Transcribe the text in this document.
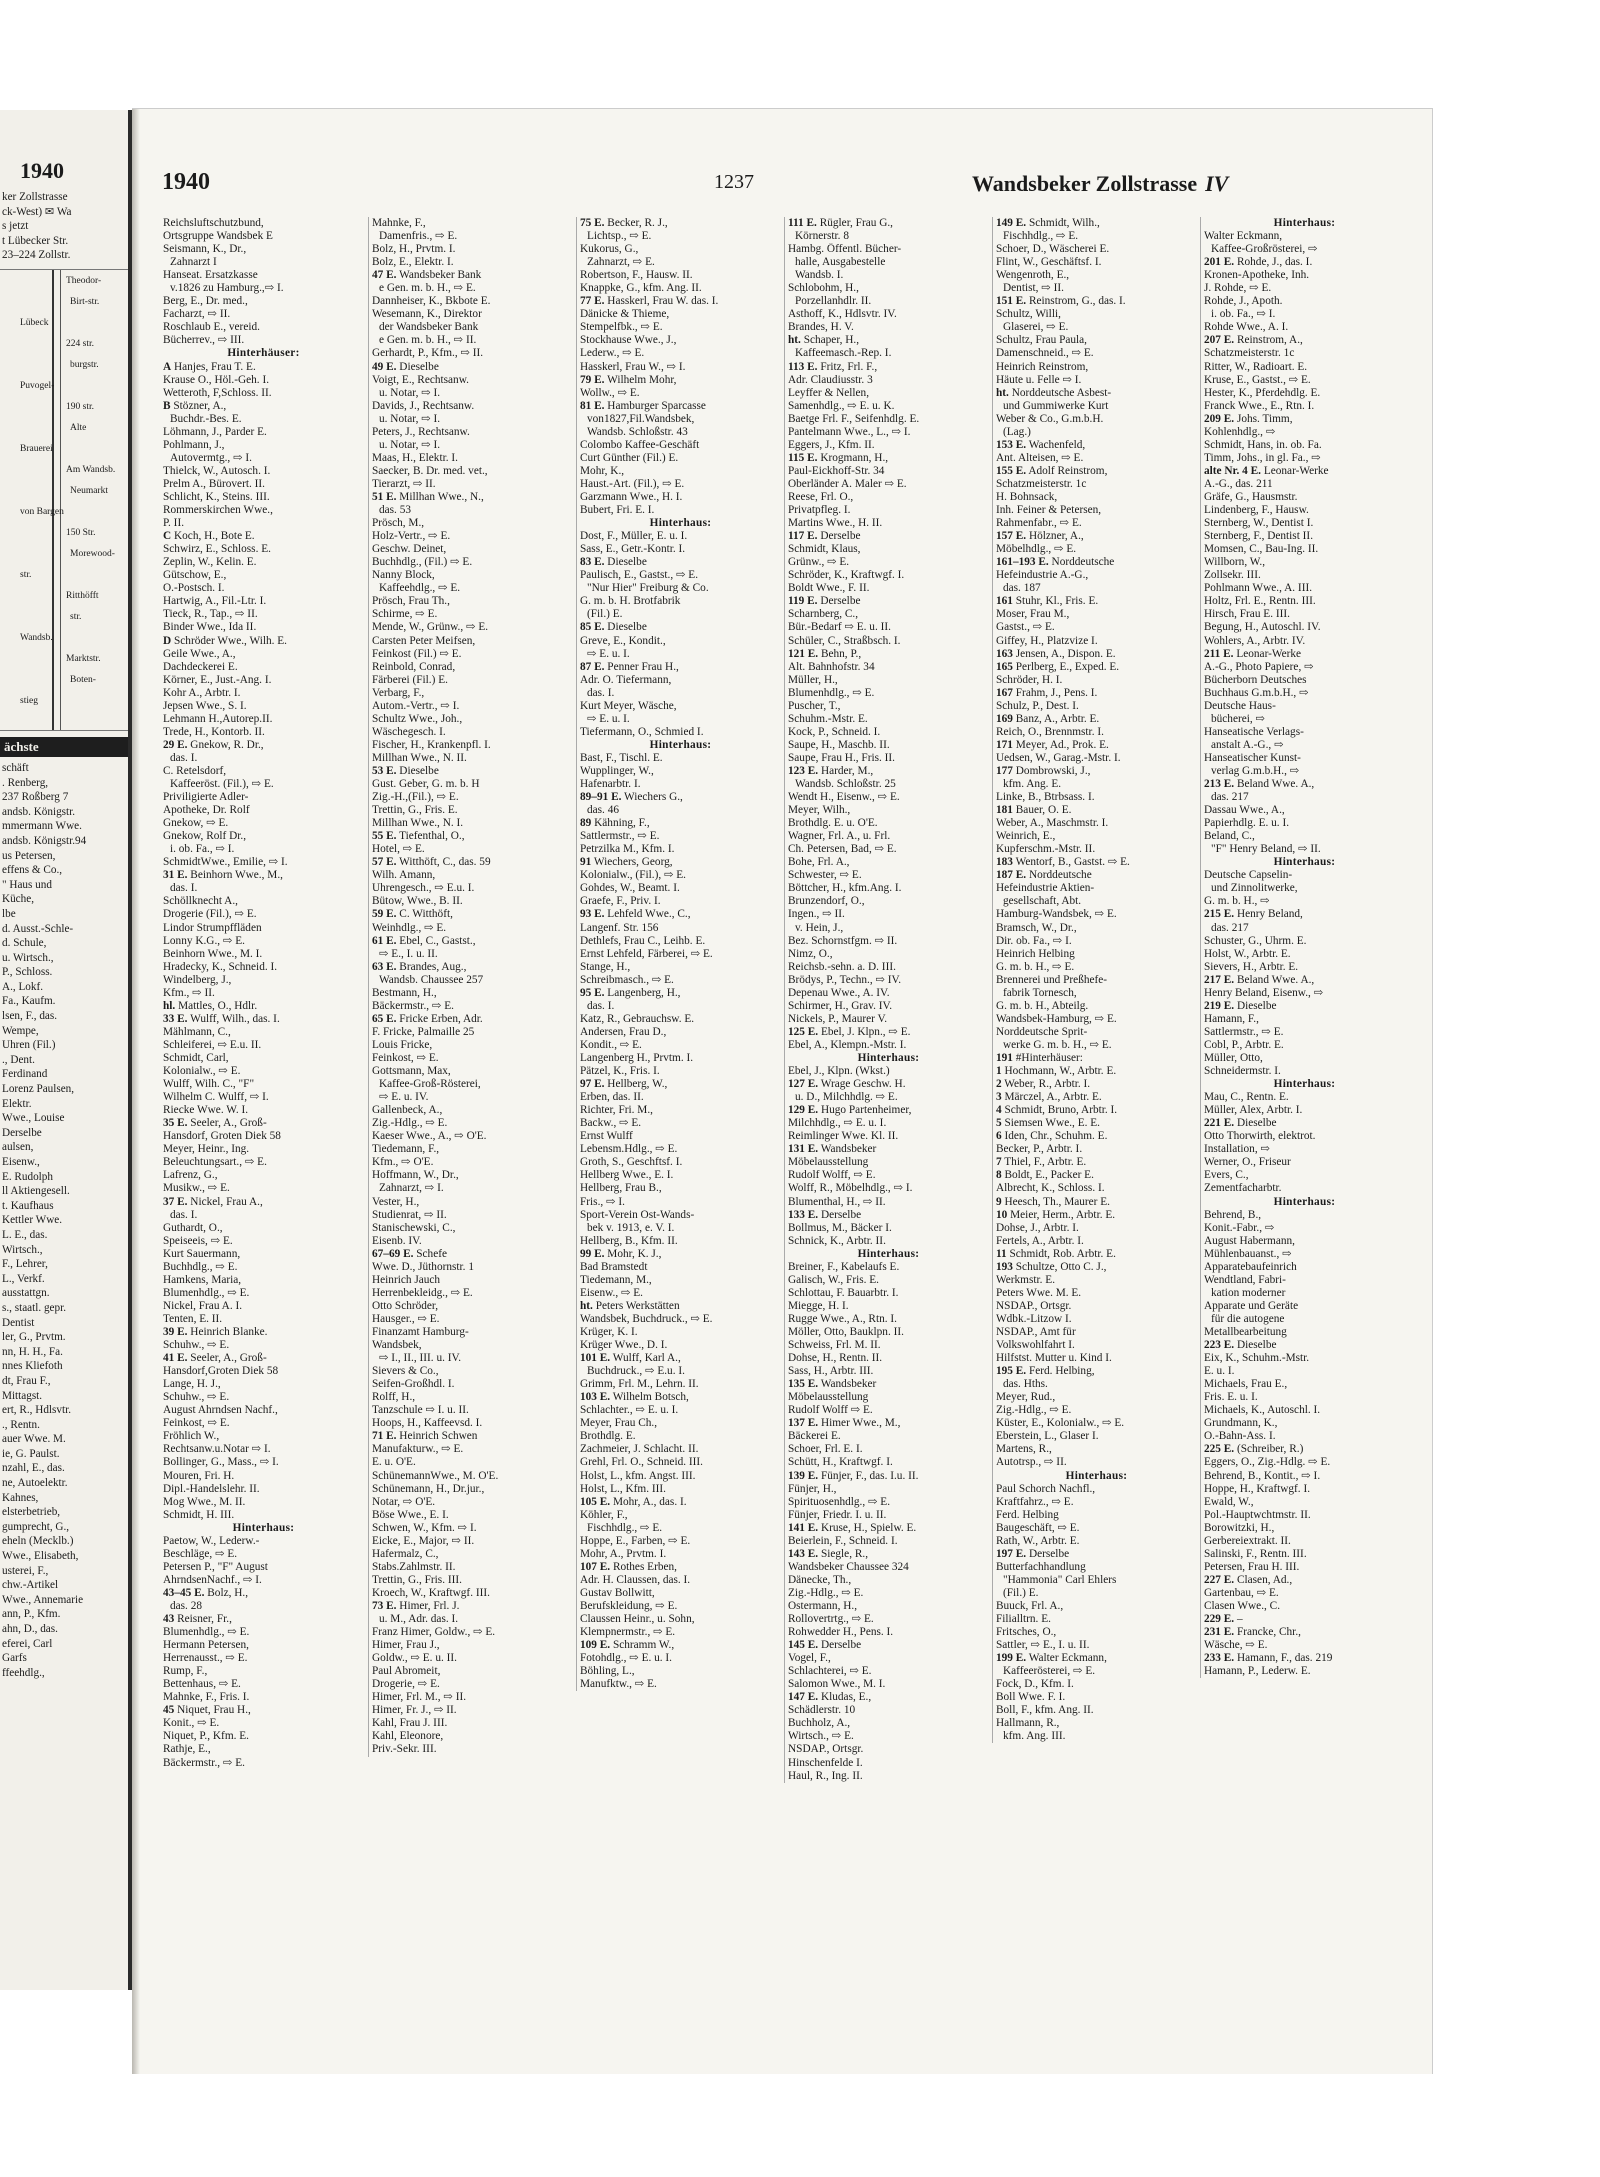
1940
ker Zollstrasse
ck-West) ✉ Wa
s jetzt
t Lübecker Str.
23–224 Zollstr.
Theodor-
Birt-str.
Lübeck
224 str.
burgstr.
Puvogel-
190 str.
Alte
Brauerei
Am Wandsb.
Neumarkt
von Bargen
150 Str.
Morewood-
str.
Ritthöfft
str.
Wandsb.
Marktstr.
Boten-
stieg
ächste
schäft
. Renberg,
237 Roßberg 7
andsb. Königstr.
mmermann Wwe.
andsb. Königstr.94
us Petersen,
effens & Co.,
" Haus und
Küche,
lbe
d. Ausst.-Schle-
d. Schule,
u. Wirtsch.,
P., Schloss.
A., Lokf.
Fa., Kaufm.
lsen, F., das.
Wempe,
Uhren (Fil.)
., Dent.
Ferdinand
Lorenz Paulsen,
Elektr.
Wwe., Louise
Derselbe
aulsen,
Eisenw.,
E. Rudolph
ll Aktiengesell.
t. Kaufhaus
Kettler Wwe.
L. E., das.
Wirtsch.,
F., Lehrer,
L., Verkf.
ausstattgn.
s., staatl. gepr.
Dentist
ler, G., Prvtm.
nn, H. H., Fa.
nnes Kliefoth
dt, Frau F.,
Mittagst.
ert, R., Hdlsvtr.
., Rentn.
auer Wwe. M.
ie, G. Paulst.
nzahl, E., das.
ne, Autoelektr.
Kahnes,
elsterbetrieb,
gumprecht, G.,
eheln (Mecklb.)
Wwe., Elisabeth,
usterei, F.,
chw.-Artikel
Wwe., Annemarie
ann, P., Kfm.
ahn, D., das.
eferei, Carl
Garfs
ffeehdlg.,
1940	1237	Wandsbeker Zollstrasse IV
Reichsluftschutzbund,
Ortsgruppe Wandsbek E
Seismann, K., Dr.,
Zahnarzt I
Hanseat. Ersatzkasse
v.1826 zu Hamburg.,⇨ I.
Berg, E., Dr. med.,
Facharzt, ⇨ II.
Roschlaub E., vereid.
Bücherrev., ⇨ III.
Hinterhäuser:
A Hanjes, Frau T. E.
Krause O., Höl.-Geh. I.
Wetteroth, F,Schloss. II.
B Stözner, A.,
Buchdr.-Bes. E.
Löhmann, J., Parder E.
Pohlmann, J.,
Autovermtg., ⇨ I.
Thielck, W., Autosch. I.
Prelm A., Bürovert. II.
Schlicht, K., Steins. III.
Rommerskirchen Wwe.,
P. II.
C Koch, H., Bote E.
Schwirz, E., Schloss. E.
Zeplin, W., Kelin. E.
Gütschow, E.,
O.-Postsch. I.
Hartwig, A., Fil.-Ltr. I.
Tieck, R., Tap., ⇨ II.
Binder Wwe., Ida II.
D Schröder Wwe., Wilh. E.
Geile Wwe., A.,
Dachdeckerei E.
Körner, E., Just.-Ang. I.
Kohr A., Arbtr. I.
Jepsen Wwe., S. I.
Lehmann H.,Autorep.II.
Trede, H., Kontorb. II.
29 E. Gnekow, R. Dr.,
das. I.
C. Retelsdorf,
Kaffeeröst. (Fil.), ⇨ E.
Priviligierte Adler-
Apotheke, Dr. Rolf
Gnekow, ⇨ E.
Gnekow, Rolf Dr.,
i. ob. Fa., ⇨ I.
SchmidtWwe., Emilie, ⇨ I.
31 E. Beinhorn Wwe., M.,
das. I.
Schöllknecht A.,
Drogerie (Fil.), ⇨ E.
Lindor Strumpffläden
Lonny K.G., ⇨ E.
Beinhorn Wwe., M. I.
Hradecky, K., Schneid. I.
Windelberg, J.,
Kfm., ⇨ II.
hl. Mattles, O., Hdlr.
33 E. Wulff, Wilh., das. I.
Mählmann, C.,
Schleiferei, ⇨ E.u. II.
Schmidt, Carl,
Kolonialw., ⇨ E.
Wulff, Wilh. C., "F"
Wilhelm C. Wulff, ⇨ I.
Riecke Wwe. W. I.
35 E. Seeler, A., Groß-
Hansdorf, Groten Diek 58
Meyer, Heinr., Ing.
Beleuchtungsart., ⇨ E.
Lafrenz, G.,
Musikw., ⇨ E.
37 E. Nickel, Frau A.,
das. I.
Guthardt, O.,
Speiseeis, ⇨ E.
Kurt Sauermann,
Buchhdlg., ⇨ E.
Hamkens, Maria,
Blumenhdlg., ⇨ E.
Nickel, Frau A. I.
Tenten, E. II.
39 E. Heinrich Blanke.
Schuhw., ⇨ E.
41 E. Seeler, A., Groß-
Hansdorf,Groten Diek 58
Lange, H. J.,
Schuhw., ⇨ E.
August Ahrndsen Nachf.,
Feinkost, ⇨ E.
Fröhlich W.,
Rechtsanw.u.Notar ⇨ I.
Bollinger, G., Mass., ⇨ I.
Mouren, Fri. H.
Dipl.-Handelslehr. II.
Mog Wwe., M. II.
Schmidt, H. III.
Hinterhaus:
Paetow, W., Lederw.-
Beschläge, ⇨ E.
Petersen P., "F" August
AhrndsenNachf., ⇨ I.
43–45 E. Bolz, H.,
das. 28
43 Reisner, Fr.,
Blumenhdlg., ⇨ E.
Hermann Petersen,
Herrenausst., ⇨ E.
Rump, F.,
Bettenhaus, ⇨ E.
Mahnke, F., Fris. I.
45 Niquet, Frau H.,
Konit., ⇨ E.
Niquet, P., Kfm. E.
Rathje, E.,
Bäckermstr., ⇨ E.
Mahnke, F.,
Damenfris., ⇨ E.
Bolz, H., Prvtm. I.
Bolz, E., Elektr. I.
47 E. Wandsbeker Bank
e Gen. m. b. H., ⇨ E.
Dannheiser, K., Bkbote E.
Wesemann, K., Direktor
der Wandsbeker Bank
e Gen. m. b. H., ⇨ II.
Gerhardt, P., Kfm., ⇨ II.
49 E. Dieselbe
Voigt, E., Rechtsanw.
u. Notar, ⇨ I.
Davids, J., Rechtsanw.
u. Notar, ⇨ I.
Peters, J., Rechtsanw.
u. Notar, ⇨ I.
Maas, H., Elektr. I.
Saecker, B. Dr. med. vet.,
Tierarzt, ⇨ II.
51 E. Millhan Wwe., N.,
das. 53
Prösch, M.,
Holz-Vertr., ⇨ E.
Geschw. Deinet,
Buchhdlg., (Fil.) ⇨ E.
Nanny Block,
Kaffeehdlg., ⇨ E.
Prösch, Frau Th.,
Schirme, ⇨ E.
Mende, W., Grünw., ⇨ E.
Carsten Peter Meifsen,
Feinkost (Fil.) ⇨ E.
Reinbold, Conrad,
Färberei (Fil.) E.
Verbarg, F.,
Autom.-Vertr., ⇨ I.
Schultz Wwe., Joh.,
Wäschegesch. I.
Fischer, H., Krankenpfl. I.
Millhan Wwe., N. II.
53 E. Dieselbe
Gust. Geber, G. m. b. H
Zig.-H.,(Fil.), ⇨ E.
Trettin, G., Fris. E.
Millhan Wwe., N. I.
55 E. Tiefenthal, O.,
Hotel, ⇨ E.
57 E. Witthöft, C., das. 59
Wilh. Amann,
Uhrengesch., ⇨ E.u. I.
Bütow, Wwe., B. II.
59 E. C. Witthöft,
Weinhdlg., ⇨ E.
61 E. Ebel, C., Gastst.,
⇨ E., I. u. II.
63 E. Brandes, Aug.,
Wandsb. Chaussee 257
Bestmann, H.,
Bäckermstr., ⇨ E.
65 E. Fricke Erben, Adr.
F. Fricke, Palmaille 25
Louis Fricke,
Feinkost, ⇨ E.
Gottsmann, Max,
Kaffee-Groß-Rösterei,
⇨ E. u. IV.
Gallenbeck, A.,
Zig.-Hdlg., ⇨ E.
Kaeser Wwe., A., ⇨ O'E.
Tiedemann, F.,
Kfm., ⇨ O'E.
Hoffmann, W., Dr.,
Zahnarzt, ⇨ I.
Vester, H.,
Studienrat, ⇨ II.
Stanischewski, C.,
Eisenb. IV.
67–69 E. Schefe
Wwe. D., Jüthornstr. 1
Heinrich Jauch
Herrenbekleidg., ⇨ E.
Otto Schröder,
Hausger., ⇨ E.
Finanzamt Hamburg-
Wandsbek,
⇨ I., II., III. u. IV.
Sievers & Co.,
Seifen-Großhdl. I.
Rolff, H.,
Tanzschule ⇨ I. u. II.
Hoops, H., Kaffeevsd. I.
71 E. Heinrich Schwen
Manufakturw., ⇨ E.
E. u. O'E.
SchünemannWwe., M. O'E.
Schünemann, H., Dr.jur.,
Notar, ⇨ O'E.
Böse Wwe., E. I.
Schwen, W., Kfm. ⇨ I.
Eicke, E., Major, ⇨ II.
Hafermalz, C.,
Stabs.Zahlmstr. II.
Trettin, G., Fris. III.
Kroech, W., Kraftwgf. III.
73 E. Himer, Frl. J.
u. M., Adr. das. I.
Franz Himer, Goldw., ⇨ E.
Himer, Frau J.,
Goldw., ⇨ E. u. II.
Paul Abromeit,
Drogerie, ⇨ E.
Himer, Frl. M., ⇨ II.
Himer, Fr. J., ⇨ II.
Kahl, Frau J. III.
Kahl, Eleonore,
Priv.-Sekr. III.
75 E. Becker, R. J.,
Lichtsp., ⇨ E.
Kukorus, G.,
Zahnarzt, ⇨ E.
Robertson, F., Hausw. II.
Knappke, G., kfm. Ang. II.
77 E. Hasskerl, Frau W. das. I.
Dänicke & Thieme,
Stempelfbk., ⇨ E.
Stockhause Wwe., J.,
Lederw., ⇨ E.
Hasskerl, Frau W., ⇨ I.
79 E. Wilhelm Mohr,
Wollw., ⇨ E.
81 E. Hamburger Sparcasse
von1827,Fil.Wandsbek,
Wandsb. Schloßstr. 43
Colombo Kaffee-Geschäft
Curt Günther (Fil.) E.
Mohr, K.,
Haust.-Art. (Fil.), ⇨ E.
Garzmann Wwe., H. I.
Bubert, Fri. E. I.
Hinterhaus:
Dost, F., Müller, E. u. I.
Sass, E., Getr.-Kontr. I.
83 E. Dieselbe
Paulisch, E., Gastst., ⇨ E.
"Nur Hier" Freiburg & Co.
G. m. b. H. Brotfabrik
(Fil.) E.
85 E. Dieselbe
Greve, E., Kondit.,
⇨ E. u. I.
87 E. Penner Frau H.,
Adr. O. Tiefermann,
das. I.
Kurt Meyer, Wäsche,
⇨ E. u. I.
Tiefermann, O., Schmied I.
Hinterhaus:
Bast, F., Tischl. E.
Wupplinger, W.,
Hafenarbtr. I.
89–91 E. Wiechers G.,
das. 46
89 Kähning, F.,
Sattlermstr., ⇨ E.
Petrzilka M., Kfm. I.
91 Wiechers, Georg,
Kolonialw., (Fil.), ⇨ E.
Gohdes, W., Beamt. I.
Graefe, F., Priv. I.
93 E. Lehfeld Wwe., C.,
Langenf. Str. 156
Dethlefs, Frau C., Leihb. E.
Ernst Lehfeld, Färberei, ⇨ E.
Stange, H.,
Schreibmasch., ⇨ E.
95 E. Langenberg, H.,
das. I.
Katz, R., Gebrauchsw. E.
Andersen, Frau D.,
Kondit., ⇨ E.
Langenberg H., Prvtm. I.
Pätzel, K., Fris. I.
97 E. Hellberg, W.,
Erben, das. II.
Richter, Fri. M.,
Backw., ⇨ E.
Ernst Wulff
Lebensm.Hdlg., ⇨ E.
Groth, S., Geschftsf. I.
Hellberg Wwe., E. I.
Hellberg, Frau B.,
Fris., ⇨ I.
Sport-Verein Ost-Wands-
bek v. 1913, e. V. I.
Hellberg, B., Kfm. II.
99 E. Mohr, K. J.,
Bad Bramstedt
Tiedemann, M.,
Eisenw., ⇨ E.
ht. Peters Werkstätten
Wandsbek, Buchdruck., ⇨ E.
Krüger, K. I.
Krüger Wwe., D. I.
101 E. Wulff, Karl A.,
Buchdruck., ⇨ E.u. I.
Grimm, Frl. M., Lehrn. II.
103 E. Wilhelm Botsch,
Schlachter., ⇨ E. u. I.
Meyer, Frau Ch.,
Brothdlg. E.
Zachmeier, J. Schlacht. II.
Grehl, Frl. O., Schneid. III.
Holst, L., kfm. Angst. III.
Holst, L., Kfm. III.
105 E. Mohr, A., das. I.
Köhler, F.,
Fischhdlg., ⇨ E.
Hoppe, E., Farben, ⇨ E.
Mohr, A., Prvtm. I.
107 E. Rothes Erben,
Adr. H. Claussen, das. I.
Gustav Bollwitt,
Berufskleidung, ⇨ E.
Claussen Heinr., u. Sohn,
Klempnermstr., ⇨ E.
109 E. Schramm W.,
Fotohdlg., ⇨ E. u. I.
Böhling, L.,
Manufktw., ⇨ E.
111 E. Rügler, Frau G.,
Körnerstr. 8
Hambg. Öffentl. Bücher-
halle, Ausgabestelle
Wandsb. I.
Schlobohm, H.,
Porzellanhdlr. II.
Asthoff, K., Hdlsvtr. IV.
Brandes, H. V.
ht. Schaper, H.,
Kaffeemasch.-Rep. I.
113 E. Fritz, Frl. F.,
Adr. Claudiusstr. 3
Leyffer & Nellen,
Samenhdlg., ⇨ E. u. K.
Baetge Frl. F., Seifenhdlg. E.
Pantelmann Wwe., L., ⇨ I.
Eggers, J., Kfm. II.
115 E. Krogmann, H.,
Paul-Eickhoff-Str. 34
Oberländer A. Maler ⇨ E.
Reese, Frl. O.,
Privatpfleg. I.
Martins Wwe., H. II.
117 E. Derselbe
Schmidt, Klaus,
Grünw., ⇨ E.
Schröder, K., Kraftwgf. I.
Boldt Wwe., F. II.
119 E. Derselbe
Scharnberg, C.,
Bür.-Bedarf ⇨ E. u. II.
Schüler, C., Straßbsch. I.
121 E. Behn, P.,
Alt. Bahnhofstr. 34
Müller, H.,
Blumenhdlg., ⇨ E.
Puscher, T.,
Schuhm.-Mstr. E.
Kock, P., Schneid. I.
Saupe, H., Maschb. II.
Saupe, Frau H., Fris. II.
123 E. Harder, M.,
Wandsb. Schloßstr. 25
Wendt H., Eisenw., ⇨ E.
Meyer, Wilh.,
Brothdlg. E. u. O'E.
Wagner, Frl. A., u. Frl.
Ch. Petersen, Bad, ⇨ E.
Bohe, Frl. A.,
Schwester, ⇨ E.
Böttcher, H., kfm.Ang. I.
Brunzendorf, O.,
Ingen., ⇨ II.
v. Hein, J.,
Bez. Schornstfgm. ⇨ II.
Nimz, O.,
Reichsb.-sehn. a. D. III.
Brödys, P., Techn., ⇨ IV.
Depenau Wwe., A. IV.
Schirmer, H., Grav. IV.
Nickels, P., Maurer V.
125 E. Ebel, J. Klpn., ⇨ E.
Ebel, A., Klempn.-Mstr. I.
Hinterhaus:
Ebel, J., Klpn. (Wkst.)
127 E. Wrage Geschw. H.
u. D., Milchhdlg. ⇨ E.
129 E. Hugo Partenheimer,
Milchhdlg., ⇨ E. u. I.
Reimlinger Wwe. Kl. II.
131 E. Wandsbeker
Möbelausstellung
Rudolf Wolff, ⇨ E.
Wolff, R., Möbelhdlg., ⇨ I.
Blumenthal, H., ⇨ II.
133 E. Derselbe
Bollmus, M., Bäcker I.
Schnick, K., Arbtr. II.
Hinterhaus:
Breiner, F., Kabelaufs E.
Galisch, W., Fris. E.
Schlottau, F. Bauarbtr. I.
Miegge, H. I.
Rugge Wwe., A., Rtn. I.
Möller, Otto, Bauklpn. II.
Schweiss, Frl. M. II.
Dohse, H., Rentn. II.
Sass, H., Arbtr. III.
135 E. Wandsbeker
Möbelausstellung
Rudolf Wolff ⇨ E.
137 E. Himer Wwe., M.,
Bäckerei E.
Schoer, Frl. E. I.
Schütt, H., Kraftwgf. I.
139 E. Fünjer, F., das. I.u. II.
Fünjer, H.,
Spirituosenhdlg., ⇨ E.
Fünjer, Friedr. I. u. II.
141 E. Kruse, H., Spielw. E.
Beierlein, F., Schneid. I.
143 E. Siegle, R.,
Wandsbeker Chaussee 324
Dänecke, Th.,
Zig.-Hdlg., ⇨ E.
Ostermann, H.,
Rollovertrtg., ⇨ E.
Rohwedder H., Pens. I.
145 E. Derselbe
Vogel, F.,
Schlachterei, ⇨ E.
Salomon Wwe., M. I.
147 E. Kludas, E.,
Schädlerstr. 10
Buchholz, A.,
Wirtsch., ⇨ E.
NSDAP., Ortsgr.
Hinschenfelde I.
Haul, R., Ing. II.
149 E. Schmidt, Wilh.,
Fischhdlg., ⇨ E.
Schoer, D., Wäscherei E.
Flint, W., Geschäftsf. I.
Wengenroth, E.,
Dentist, ⇨ II.
151 E. Reinstrom, G., das. I.
Schultz, Willi,
Glaserei, ⇨ E.
Schultz, Frau Paula,
Damenschneid., ⇨ E.
Heinrich Reinstrom,
Häute u. Felle ⇨ I.
ht. Norddeutsche Asbest-
und Gummiwerke Kurt
Weber & Co., G.m.b.H.
(Lag.)
153 E. Wachenfeld,
Ant. Alteisen, ⇨ E.
155 E. Adolf Reinstrom,
Schatzmeisterstr. 1c
H. Bohnsack,
Inh. Feiner & Petersen,
Rahmenfabr., ⇨ E.
157 E. Hölzner, A.,
Möbelhdlg., ⇨ E.
161–193 E. Norddeutsche
Hefeindustrie A.-G.,
das. 187
161 Stuhr, Kl., Fris. E.
Moser, Frau M.,
Gastst., ⇨ E.
Giffey, H., Platzvize I.
163 Jensen, A., Dispon. E.
165 Perlberg, E., Exped. E.
Schröder, H. I.
167 Frahm, J., Pens. I.
Schulz, P., Dest. I.
169 Banz, A., Arbtr. E.
Reich, O., Brennmstr. I.
171 Meyer, Ad., Prok. E.
Uedsen, W., Garag.-Mstr. I.
177 Dombrowski, J.,
kfm. Ang. E.
Linke, B., Btrbsass. I.
181 Bauer, O. E.
Weber, A., Maschmstr. I.
Weinrich, E.,
Kupferschm.-Mstr. II.
183 Wentorf, B., Gastst. ⇨ E.
187 E. Norddeutsche
Hefeindustrie Aktien-
gesellschaft, Abt.
Hamburg-Wandsbek, ⇨ E.
Bramsch, W., Dr.,
Dir. ob. Fa., ⇨ I.
Heinrich Helbing
G. m. b. H., ⇨ E.
Brennerei und Preßhefe-
fabrik Tornesch,
G. m. b. H., Abteilg.
Wandsbek-Hamburg, ⇨ E.
Norddeutsche Sprit-
werke G. m. b. H., ⇨ E.
191 #Hinterhäuser:
1 Hochmann, W., Arbtr. E.
2 Weber, R., Arbtr. I.
3 Märczel, A., Arbtr. E.
4 Schmidt, Bruno, Arbtr. I.
5 Siemsen Wwe., E. E.
6 Iden, Chr., Schuhm. E.
Becker, P., Arbtr. I.
7 Thiel, F., Arbtr. E.
8 Boldt, E., Packer E.
Albrecht, K., Schloss. I.
9 Heesch, Th., Maurer E.
10 Meier, Herm., Arbtr. E.
Dohse, J., Arbtr. I.
Fertels, A., Arbtr. I.
11 Schmidt, Rob. Arbtr. E.
193 Schultze, Otto C. J.,
Werkmstr. E.
Peters Wwe. M. E.
NSDAP., Ortsgr.
Wdbk.-Litzow I.
NSDAP., Amt für
Volkswohlfahrt I.
Hilfstst. Mutter u. Kind I.
195 E. Ferd. Helbing,
das. Hths.
Meyer, Rud.,
Zig.-Hdlg., ⇨ E.
Küster, E., Kolonialw., ⇨ E.
Eberstein, L., Glaser I.
Martens, R.,
Autotrsp., ⇨ II.
Hinterhaus:
Paul Schorch Nachfl.,
Kraftfahrz., ⇨ E.
Ferd. Helbing
Baugeschäft, ⇨ E.
Rath, W., Arbtr. E.
197 E. Derselbe
Butterfachhandlung
"Hammonia" Carl Ehlers
(Fil.) E.
Buuck, Frl. A.,
Filialltrn. E.
Fritsches, O.,
Sattler, ⇨ E., I. u. II.
199 E. Walter Eckmann,
Kaffeerösterei, ⇨ E.
Fock, D., Kfm. I.
Boll Wwe. F. I.
Boll, F., kfm. Ang. II.
Hallmann, R.,
kfm. Ang. III.
Hinterhaus:
Walter Eckmann,
Kaffee-Großrösterei, ⇨
201 E. Rohde, J., das. I.
Kronen-Apotheke, Inh.
J. Rohde, ⇨ E.
Rohde, J., Apoth.
i. ob. Fa., ⇨ I.
Rohde Wwe., A. I.
207 E. Reinstrom, A.,
Schatzmeisterstr. 1c
Ritter, W., Radioart. E.
Kruse, E., Gastst., ⇨ E.
Hester, K., Pferdehdlg. E.
Franck Wwe., E., Rtn. I.
209 E. Johs. Timm,
Kohlenhdlg., ⇨
Schmidt, Hans, in. ob. Fa.
Timm, Johs., in gl. Fa., ⇨
alte Nr. 4 E. Leonar-Werke
A.-G., das. 211
Gräfe, G., Hausmstr.
Lindenberg, F., Hausw.
Sternberg, W., Dentist I.
Sternberg, F., Dentist II.
Momsen, C., Bau-Ing. II.
Willborn, W.,
Zollsekr. III.
Pohlmann Wwe., A. III.
Holtz, Frl. E., Rentn. III.
Hirsch, Frau E. III.
Begung, H., Autoschl. IV.
Wohlers, A., Arbtr. IV.
211 E. Leonar-Werke
A.-G., Photo Papiere, ⇨
Bücherborn Deutsches
Buchhaus G.m.b.H., ⇨
Deutsche Haus-
bücherei, ⇨
Hanseatische Verlags-
anstalt A.-G., ⇨
Hanseatischer Kunst-
verlag G.m.b.H., ⇨
213 E. Beland Wwe. A.,
das. 217
Dassau Wwe., A.,
Papierhdlg. E. u. I.
Beland, C.,
"F" Henry Beland, ⇨ II.
Hinterhaus:
Deutsche Capselin-
und Zinnolitwerke,
G. m. b. H., ⇨
215 E. Henry Beland,
das. 217
Schuster, G., Uhrm. E.
Holst, W., Arbtr. E.
Sievers, H., Arbtr. E.
217 E. Beland Wwe. A.,
Henry Beland, Eisenw., ⇨
219 E. Dieselbe
Hamann, F.,
Sattlermstr., ⇨ E.
Cobl, P., Arbtr. E.
Müller, Otto,
Schneidermstr. I.
Hinterhaus:
Mau, C., Rentn. E.
Müller, Alex, Arbtr. I.
221 E. Dieselbe
Otto Thorwirth, elektrot.
Installation, ⇨
Werner, O., Friseur
Evers, C.,
Zementfacharbtr.
Hinterhaus:
Behrend, B.,
Konit.-Fabr., ⇨
August Habermann,
Mühlenbauanst., ⇨
Apparatebaufeinrich
Wendtland, Fabri-
kation moderner
Apparate und Geräte
für die autogene
Metallbearbeitung
223 E. Dieselbe
Eix, K., Schuhm.-Mstr.
E. u. I.
Michaels, Frau E.,
Fris. E. u. I.
Michaels, K., Autoschl. I.
Grundmann, K.,
O.-Bahn-Ass. I.
225 E. (Schreiber, R.)
Eggers, O., Zig.-Hdlg. ⇨ E.
Behrend, B., Kontit., ⇨ I.
Hoppe, H., Kraftwgf. I.
Ewald, W.,
Pol.-Hauptwchtmstr. II.
Borowitzki, H.,
Gerbereiextrakt. II.
Salinski, F., Rentn. III.
Petersen, Frau H. III.
227 E. Clasen, Ad.,
Gartenbau, ⇨ E.
Clasen Wwe., C.
229 E. –
231 E. Francke, Chr.,
Wäsche, ⇨ E.
233 E. Hamann, F., das. 219
Hamann, P., Lederw. E.
